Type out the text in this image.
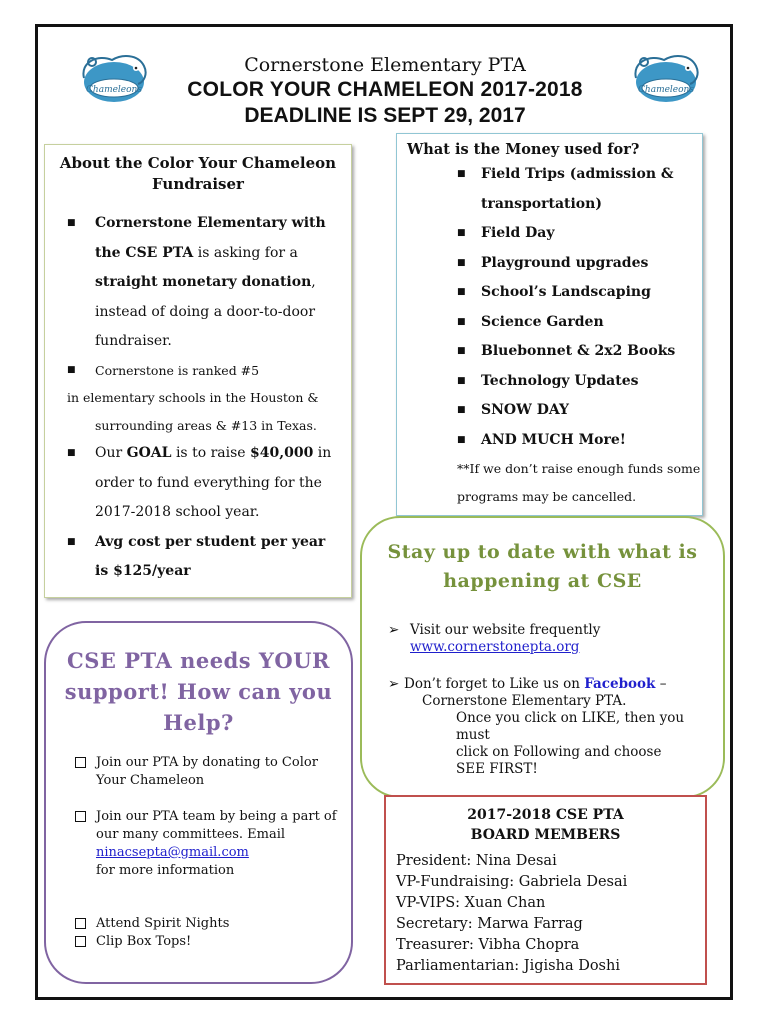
Chameleons	Chameleons
Cornerstone Elementary PTA
COLOR YOUR CHAMELEON 2017-2018
DEADLINE IS SEPT 29, 2017
About the Color Your Chameleon Fundraiser
■ Cornerstone Elementary with the CSE PTA is asking for a straight monetary donation, instead of doing a door-to-door fundraiser.
■ Cornerstone is ranked #5
in elementary schools in the Houston & surrounding areas & #13 in Texas.
■ Our GOAL is to raise $40,000 in order to fund everything for the 2017-2018 school year.
■ Avg cost per student per year is $125/year
What is the Money used for?
■ Field Trips (admission & transportation)
■ Field Day
■ Playground upgrades
■ School’s Landscaping
■ Science Garden
■ Bluebonnet & 2x2 Books
■ Technology Updates
■ SNOW DAY
■ AND MUCH More!
**If we don’t raise enough funds some programs may be cancelled.
Stay up to date with what is happening at CSE
➢ Visit our website frequently
www.cornerstonepta.org
➢ Don’t forget to Like us on Facebook –
Cornerstone Elementary PTA.
Once you click on LIKE, then you must
click on Following and choose
SEE FIRST!
CSE PTA needs YOUR support! How can you Help?
Join our PTA by donating to Color Your Chameleon
Join our PTA team by being a part of our many committees. Email
ninacsepta@gmail.com
for more information
Attend Spirit Nights
Clip Box Tops!
2017-2018 CSE PTA
BOARD MEMBERS
President: Nina Desai
VP-Fundraising: Gabriela Desai
VP-VIPS: Xuan Chan
Secretary: Marwa Farrag
Treasurer: Vibha Chopra
Parliamentarian: Jigisha Doshi
